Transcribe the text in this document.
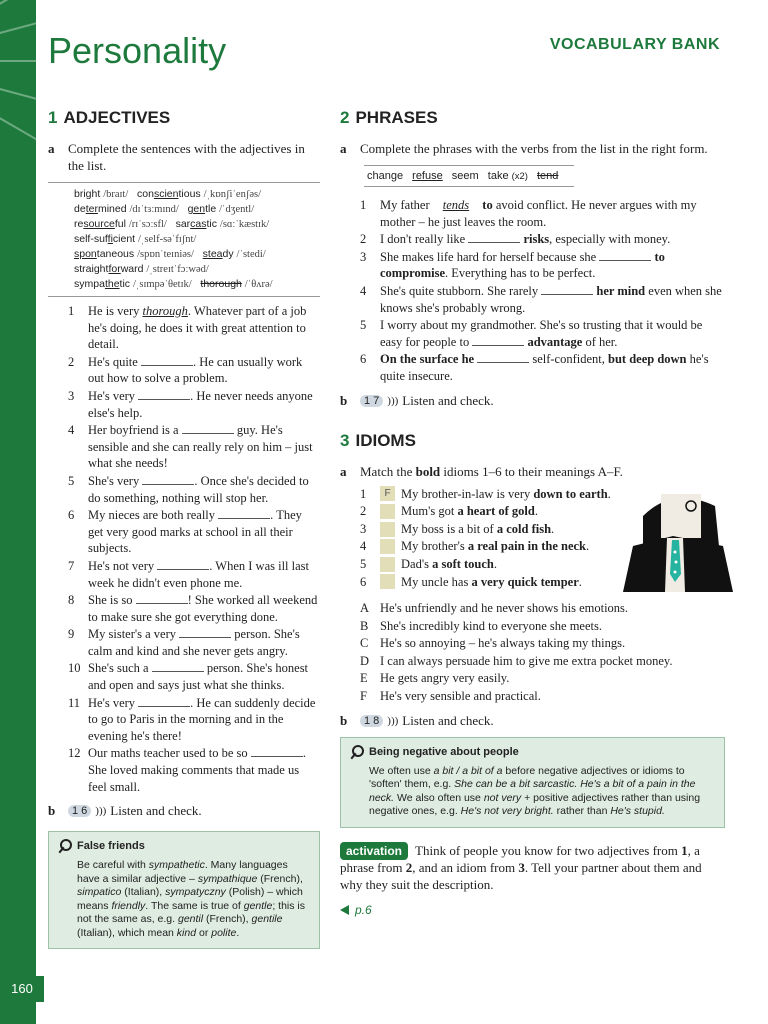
Personality	VOCABULARY BANK
1 ADJECTIVES
a	Complete the sentences with the adjectives in the list.
bright /braɪt/ conscientious /ˌkɒnʃiˈenʃəs/
determined /dɪˈtɜːmɪnd/ gentle /ˈdʒentl/
resourceful /rɪˈsɔːsfl/ sarcastic /sɑːˈkæstɪk/
self-sufficient /ˌself-səˈfɪʃnt/
spontaneous /spɒnˈteɪniəs/ steady /ˈstedi/
straightforward /ˌstreɪtˈfɔːwəd/
sympathetic /ˌsɪmpəˈθetɪk/ thorough /ˈθʌrə/
1	He is very thorough. Whatever part of a job he's doing, he does it with great attention to detail.
2	He's quite	. He can usually work out how to solve a problem.
3	He's very	. He never needs anyone else's help.
4	Her boyfriend is a	guy. He's sensible and she can really rely on him – just what she needs!
5	She's very	. Once she's decided to do something, nothing will stop her.
6	My nieces are both really	. They get very good marks at school in all their subjects.
7	He's not very	. When I was ill last week he didn't even phone me.
8	She is so	! She worked all weekend to make sure she got everything done.
9	My sister's a very	person. She's calm and kind and she never gets angry.
10 She's such a	person. She's honest and open and says just what she thinks.
11 He's very	. He can suddenly decide to go to Paris in the morning and in the evening he's there!
12 Our maths teacher used to be so	. She loved making comments that made us feel small.
b	1 6 ))) Listen and check.
False friends
Be careful with sympathetic. Many languages have a similar adjective – sympathique (French), simpatico (Italian), sympatyczny (Polish) – which means friendly. The same is true of gentle; this is not the same as, e.g. gentil (French), gentile (Italian), which mean kind or polite.
2 PHRASES
a	Complete the phrases with the verbs from the list in the right form.
change refuse seem take (x2) tend
1	My father tends to avoid conflict. He never argues with my mother – he just leaves the room.
2	I don't really like	risks, especially with money.
3	She makes life hard for herself because she	to compromise. Everything has to be perfect.
4	She's quite stubborn. She rarely	her mind even when she knows she's probably wrong.
5	I worry about my grandmother. She's so trusting that it would be easy for people to	advantage of her.
6	On the surface he	self-confident, but deep down he's quite insecure.
b	1 7 ))) Listen and check.
3 IDIOMS
a	Match the bold idioms 1–6 to their meanings A–F.
1	F My brother-in-law is very down to earth.
2	Mum's got a heart of gold.
3	My boss is a bit of a cold fish.
4	My brother's a real pain in the neck.
5	Dad's a soft touch.
6	My uncle has a very quick temper.
A He's unfriendly and he never shows his emotions.
B She's incredibly kind to everyone she meets.
C He's so annoying – he's always taking my things.
D I can always persuade him to give me extra pocket money.
E He gets angry very easily.
F	He's very sensible and practical.
b	1 8 ))) Listen and check.
Being negative about people
We often use a bit / a bit of a before negative adjectives or idioms to 'soften' them, e.g. She can be a bit sarcastic. He's a bit of a pain in the neck. We also often use not very + positive adjectives rather than using negative ones, e.g. He's not very bright. rather than He's stupid.
activation Think of people you know for two adjectives from 1, a phrase from 2, and an idiom from 3. Tell your partner about them and why they suit the description.
p.6
160
